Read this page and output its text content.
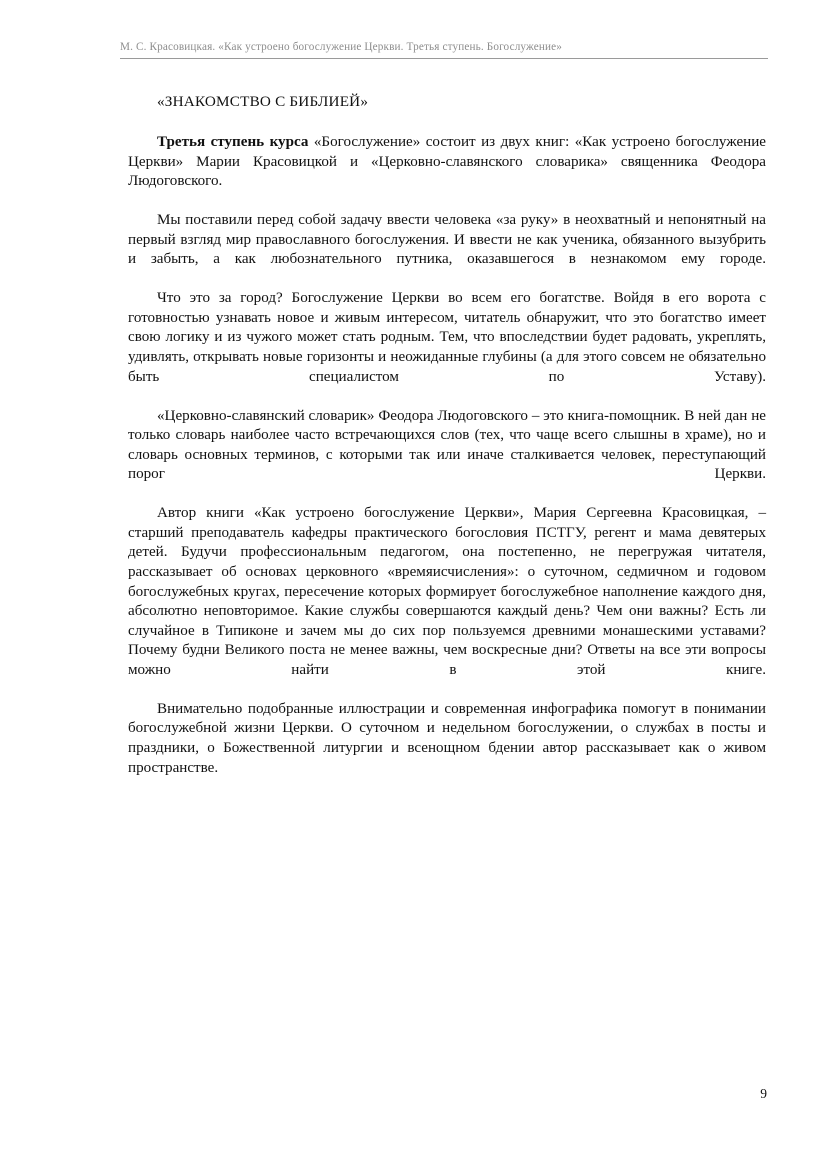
М. С. Красовицкая. «Как устроено богослужение Церкви. Третья ступень. Богослужение»
«ЗНАКОМСТВО С БИБЛИЕЙ»

Третья ступень курса «Богослужение» состоит из двух книг: «Как устроено богослужение Церкви» Марии Красовицкой и «Церковно-славянского словарика» священника Феодора Людоговского.

Мы поставили перед собой задачу ввести человека «за руку» в неохватный и непонятный на первый взгляд мир православного богослужения. И ввести не как ученика, обязанного вызубрить и забыть, а как любознательного путника, оказавшегося в незнакомом ему городе.

Что это за город? Богослужение Церкви во всем его богатстве. Войдя в его ворота с готовностью узнавать новое и живым интересом, читатель обнаружит, что это богатство имеет свою логику и из чужого может стать родным. Тем, что впоследствии будет радовать, укреплять, удивлять, открывать новые горизонты и неожиданные глубины (а для этого совсем не обязательно быть специалистом по Уставу).

«Церковно-славянский словарик» Феодора Людоговского – это книга-помощник. В ней дан не только словарь наиболее часто встречающихся слов (тех, что чаще всего слышны в храме), но и словарь основных терминов, с которыми так или иначе сталкивается человек, переступающий порог Церкви.

Автор книги «Как устроено богослужение Церкви», Мария Сергеевна Красовицкая, – старший преподаватель кафедры практического богословия ПСТГУ, регент и мама девятерых детей. Будучи профессиональным педагогом, она постепенно, не перегружая читателя, рассказывает об основах церковного «времяисчисления»: о суточном, седмичном и годовом богослужебных кругах, пересечение которых формирует богослужебное наполнение каждого дня, абсолютно неповторимое. Какие службы совершаются каждый день? Чем они важны? Есть ли случайное в Типиконе и зачем мы до сих пор пользуемся древними монашескими уставами? Почему будни Великого поста не менее важны, чем воскресные дни? Ответы на все эти вопросы можно найти в этой книге.

Внимательно подобранные иллюстрации и современная инфографика помогут в понимании богослужебной жизни Церкви. О суточном и недельном богослужении, о службах в посты и праздники, о Божественной литургии и всенощном бдении автор рассказывает как о живом пространстве.

9
